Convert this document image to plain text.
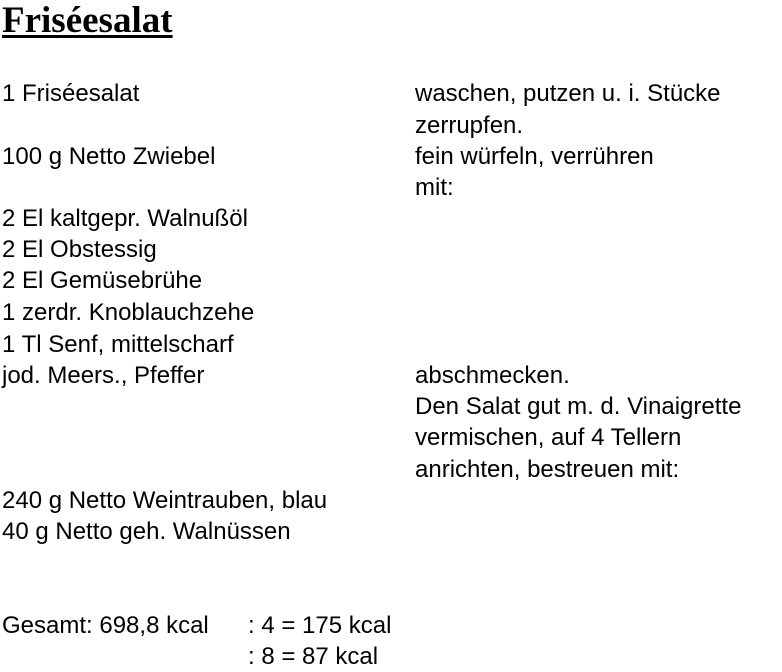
Friséesalat
1 Friséesalat
100 g Netto Zwiebel
2 El kaltgepr. Walnußöl
2 El Obstessig
2 El Gemüsebrühe
1 zerdr. Knoblauchzehe
1 Tl Senf, mittelscharf
jod. Meers., Pfeffer
240 g Netto Weintrauben, blau
40 g Netto geh. Walnüssen
waschen, putzen u. i. Stücke
zerrupfen.
fein würfeln, verrühren
mit:
abschmecken.
Den Salat gut m. d. Vinaigrette
vermischen, auf 4 Tellern
anrichten, bestreuen mit:
Gesamt: 698,8 kcal : 4 = 175 kcal
: 8 = 87 kcal
